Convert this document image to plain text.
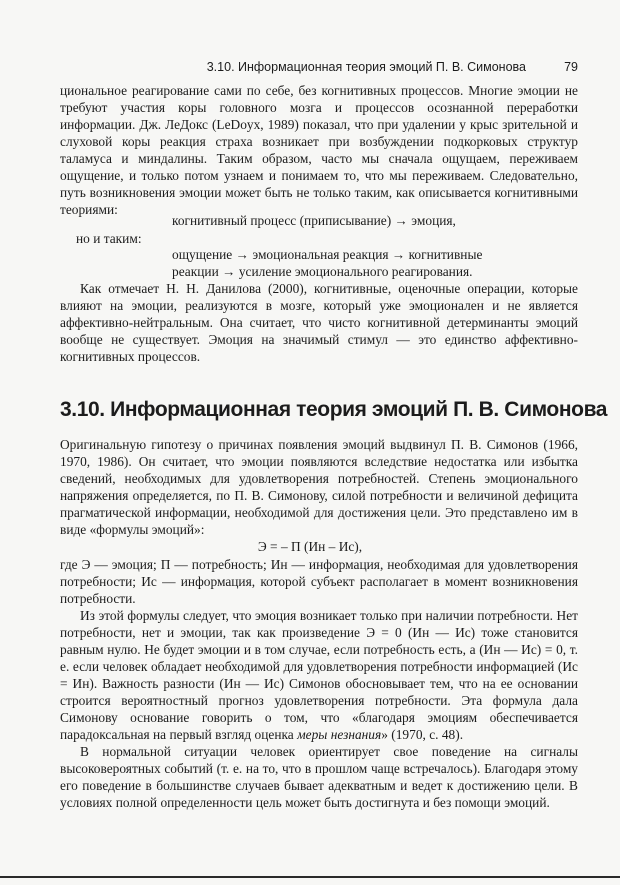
3.10. Информационная теория эмоций П. В. Симонова	79

циональное реагирование сами по себе, без когнитивных процессов. Многие эмоции не требуют участия коры головного мозга и процессов осознанной переработки информации. Дж. ЛеДокс (LeDoyx, 1989) показал, что при удалении у крыс зрительной и слуховой коры реакция страха возникает при возбуждении подкорковых структур таламуса и миндалины. Таким образом, часто мы сначала ощущаем, переживаем ощущение, и только потом узнаем и понимаем то, что мы переживаем. Следовательно, путь возникновения эмоции может быть не только таким, как описывается когнитивными теориями:

когнитивный процесс (приписывание) → эмоция,
но и таким:
ощущение → эмоциональная реакция → когнитивные
реакции → усиление эмоционального реагирования.

Как отмечает Н. Н. Данилова (2000), когнитивные, оценочные операции, которые влияют на эмоции, реализуются в мозге, который уже эмоционален и не является аффективно-нейтральным. Она считает, что чисто когнитивной детерминанты эмоций вообще не существует. Эмоция на значимый стимул — это единство аффективно-когнитивных процессов.

3.10. Информационная теория эмоций П. В. Симонова

Оригинальную гипотезу о причинах появления эмоций выдвинул П. В. Симонов (1966, 1970, 1986). Он считает, что эмоции появляются вследствие недостатка или избытка сведений, необходимых для удовлетворения потребностей. Степень эмоционального напряжения определяется, по П. В. Симонову, силой потребности и величиной дефицита прагматической информации, необходимой для достижения цели. Это представлено им в виде «формулы эмоций»:

Э = – П (Ин – Ис),

где Э — эмоция; П — потребность; Ин — информация, необходимая для удовлетворения потребности; Ис — информация, которой субъект располагает в момент возникновения потребности.

Из этой формулы следует, что эмоция возникает только при наличии потребности. Нет потребности, нет и эмоции, так как произведение Э = 0 (Ин — Ис) тоже становится равным нулю. Не будет эмоции и в том случае, если потребность есть, а (Ин — Ис) = 0, т. е. если человек обладает необходимой для удовлетворения потребности информацией (Ис = Ин). Важность разности (Ин — Ис) Симонов обосновывает тем, что на ее основании строится вероятностный прогноз удовлетворения потребности. Эта формула дала Симонову основание говорить о том, что «благодаря эмоциям обеспечивается парадоксальная на первый взгляд оценка меры незнания» (1970, с. 48).

В нормальной ситуации человек ориентирует свое поведение на сигналы высоковероятных событий (т. е. на то, что в прошлом чаще встречалось). Благодаря этому его поведение в большинстве случаев бывает адекватным и ведет к достижению цели. В условиях полной определенности цель может быть достигнута и без помощи эмоций.
